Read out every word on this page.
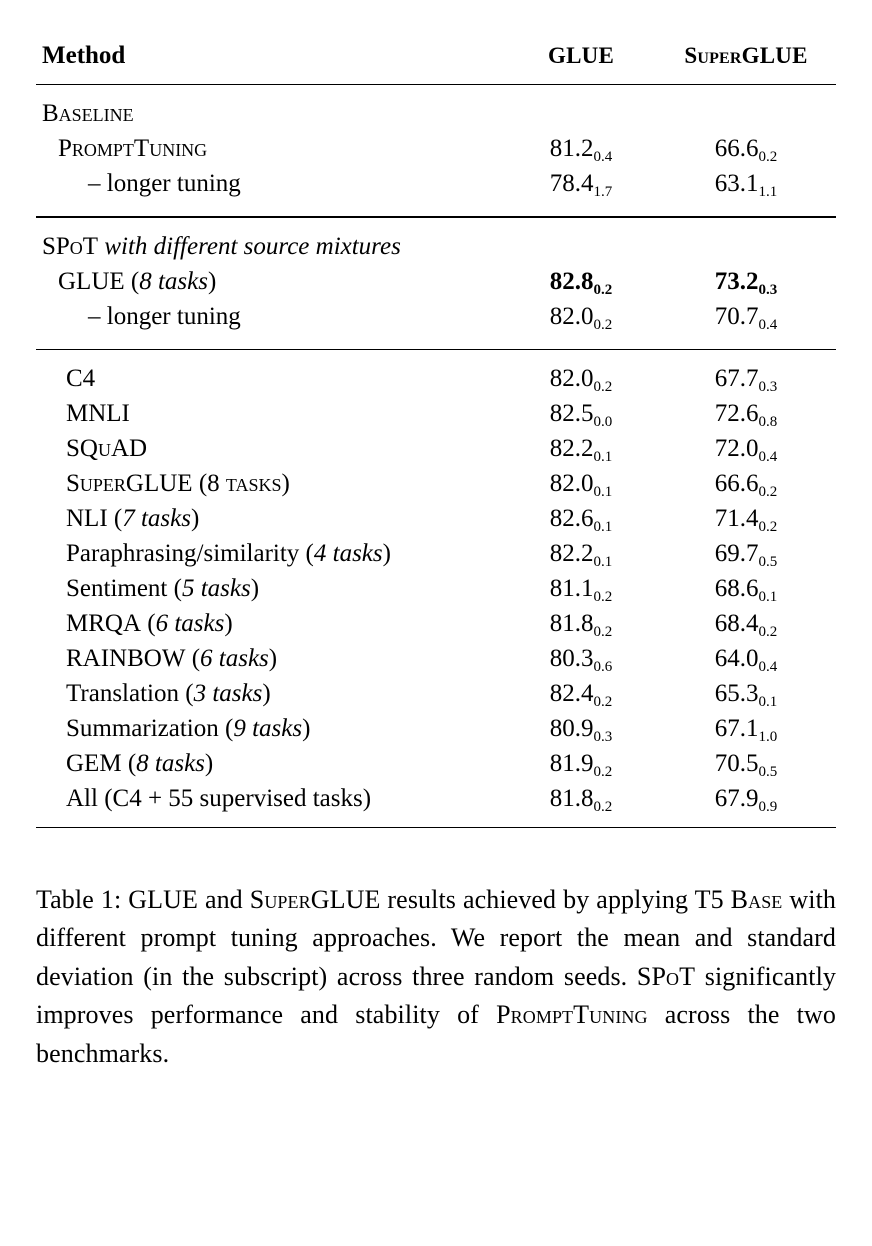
Method	GLUE	SuperGLUE

Baseline		
PromptTuning	$81.2_{0.4}$	$66.6_{0.2}$
– longer tuning	$78.4_{1.7}$	$63.1_{1.1}$

SPoT with different source mixtures		
GLUE (8 tasks)	$82.8_{0.2}$	$73.2_{0.3}$
– longer tuning	$82.0_{0.2}$	$70.7_{0.4}$

C4	$82.0_{0.2}$	$67.7_{0.3}$
MNLI	$82.5_{0.0}$	$72.6_{0.8}$
SQuAD	$82.2_{0.1}$	$72.0_{0.4}$
SuperGLUE (8 tasks)	$82.0_{0.1}$	$66.6_{0.2}$
NLI (7 tasks)	$82.6_{0.1}$	$71.4_{0.2}$
Paraphrasing/similarity (4 tasks)	$82.2_{0.1}$	$69.7_{0.5}$
Sentiment (5 tasks)	$81.1_{0.2}$	$68.6_{0.1}$
MRQA (6 tasks)	$81.8_{0.2}$	$68.4_{0.2}$
RAINBOW (6 tasks)	$80.3_{0.6}$	$64.0_{0.4}$
Translation (3 tasks)	$82.4_{0.2}$	$65.3_{0.1}$
Summarization (9 tasks)	$80.9_{0.3}$	$67.1_{1.0}$
GEM (8 tasks)	$81.9_{0.2}$	$70.5_{0.5}$
All (C4 + 55 supervised tasks)	$81.8_{0.2}$	$67.9_{0.9}$

Table 1: GLUE and SuperGLUE results achieved by applying T5 Base with different prompt tuning approaches. We report the mean and standard deviation (in the subscript) across three random seeds. SPoT significantly improves performance and stability of PromptTuning across the two benchmarks.
